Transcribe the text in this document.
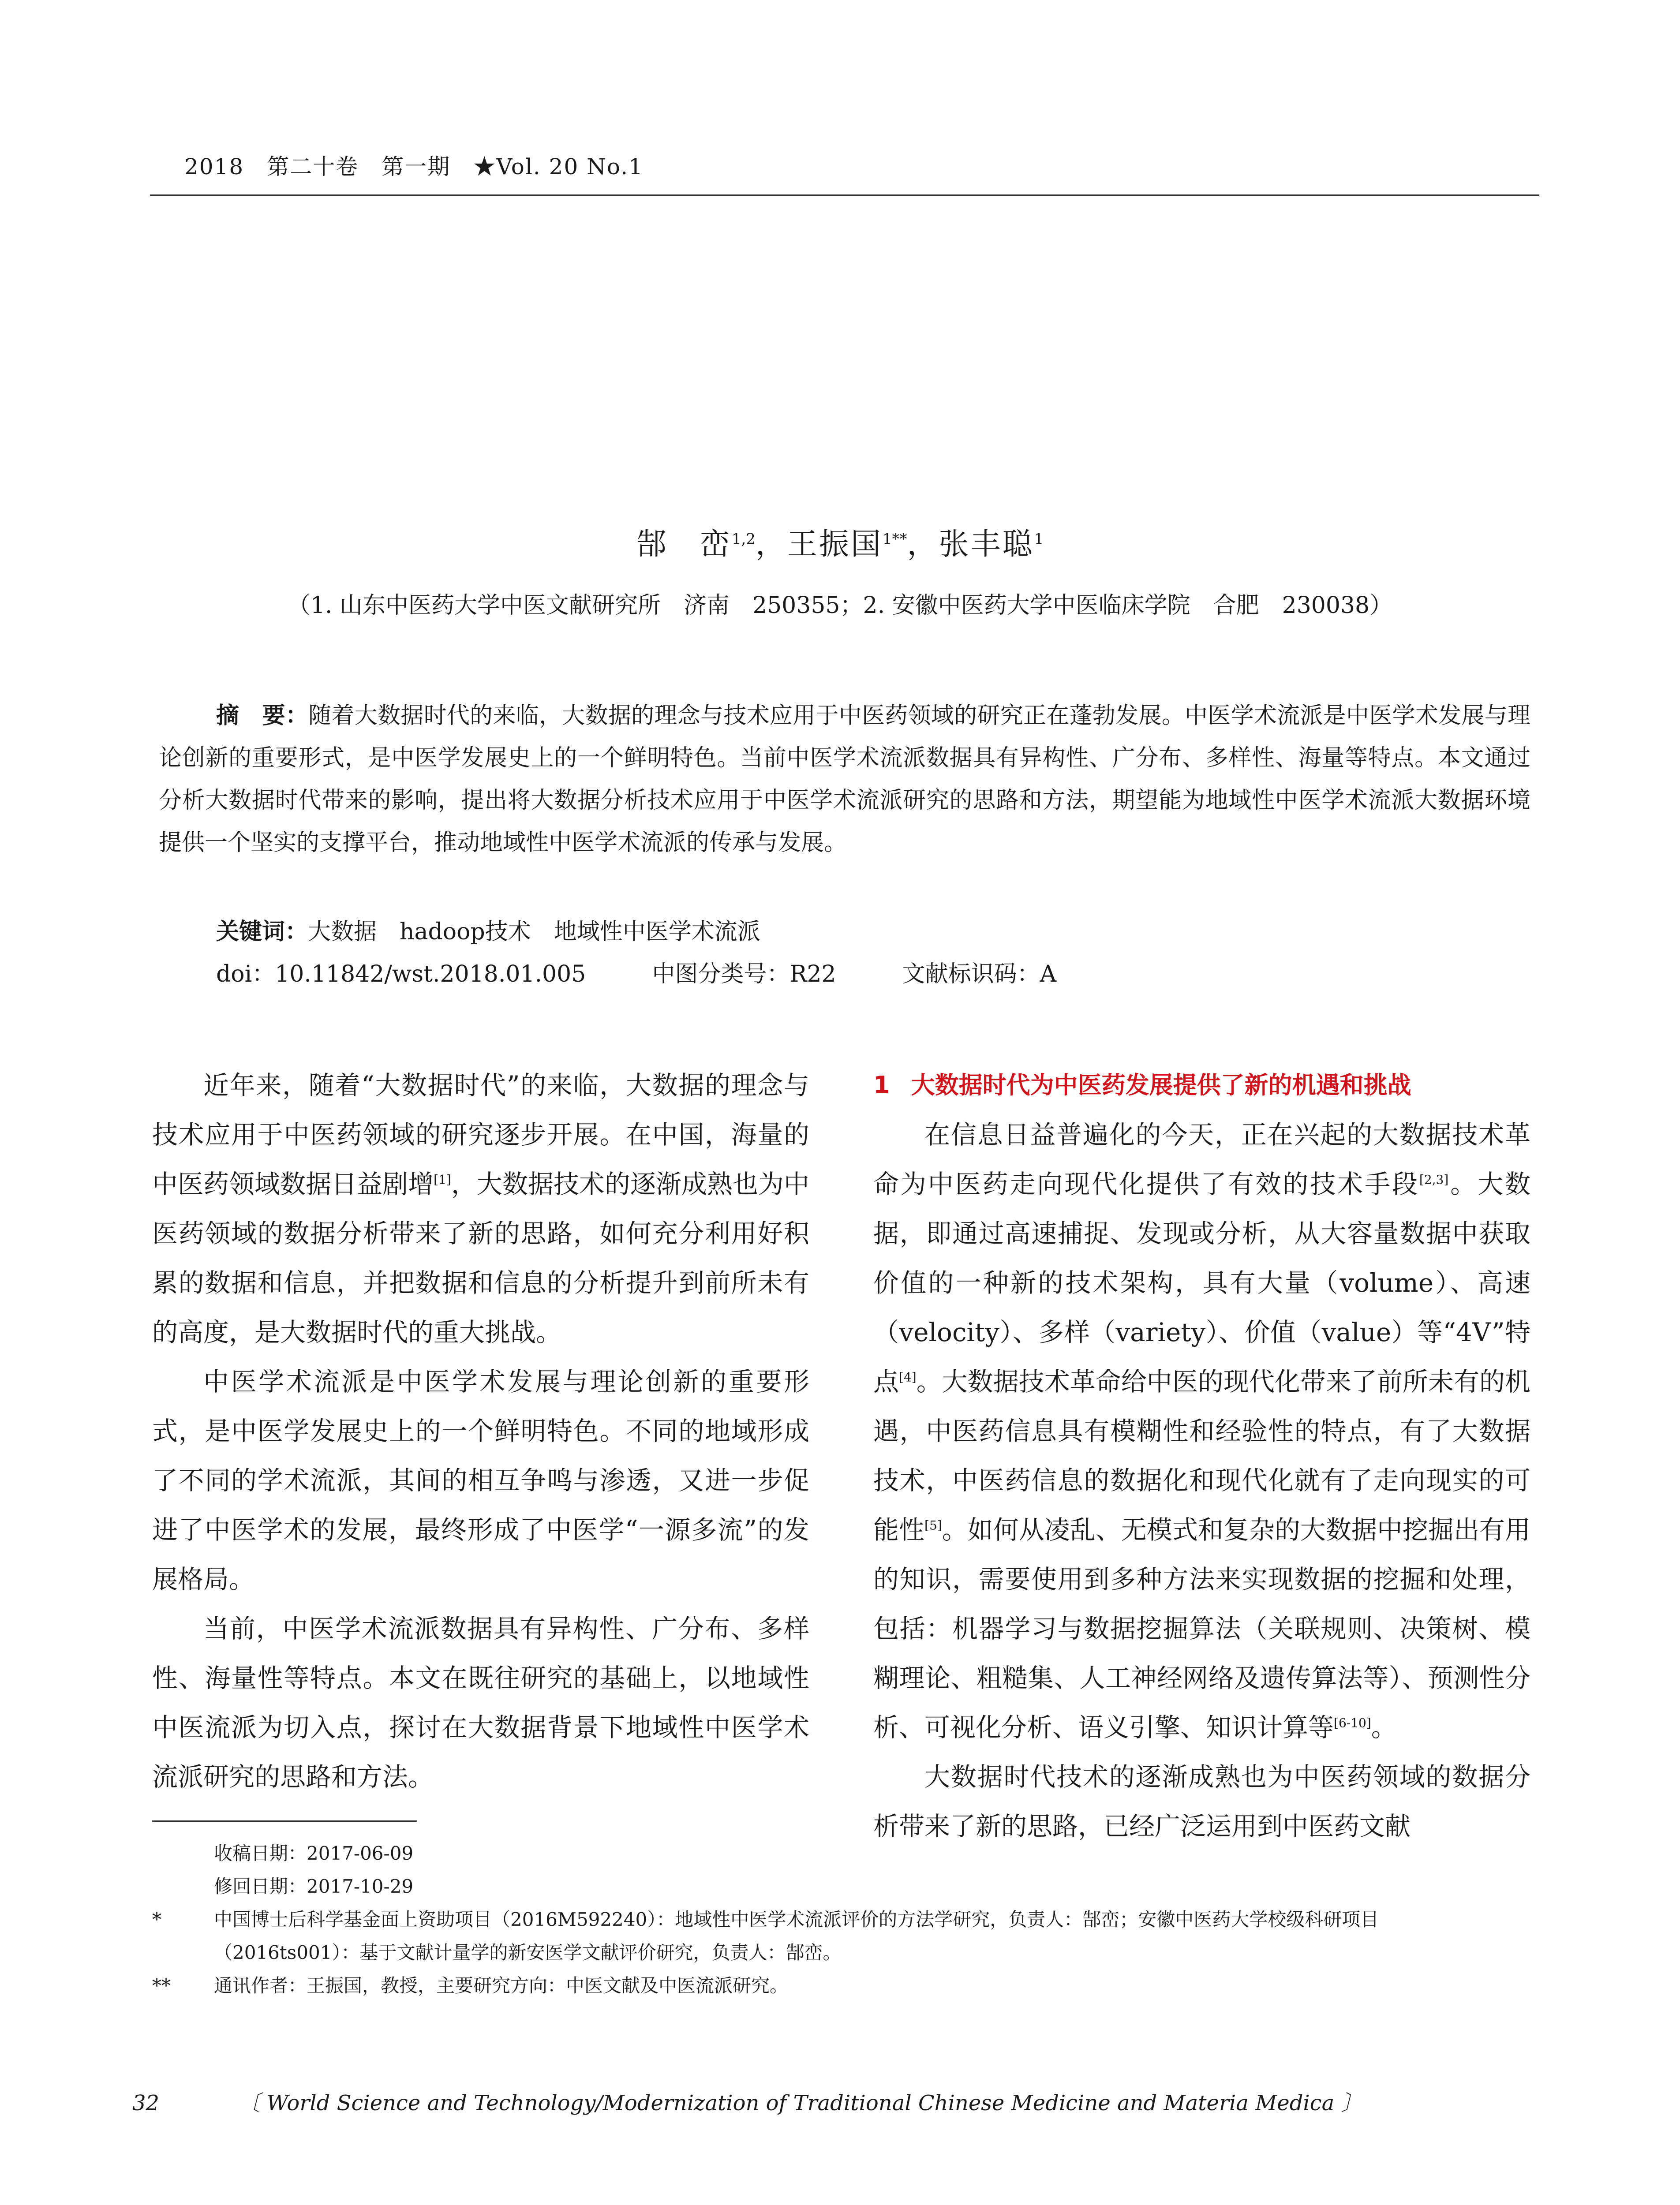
2018　第二十卷　第一期　★Vol. 20 No.1
郜　峦$^{1,2}$，王振国$^{1**}$，张丰聪$^1$
（1. 山东中医药大学中医文献研究所　济南　250355；2. 安徽中医药大学中医临床学院　合肥　230038）
摘　要：随着大数据时代的来临，大数据的理念与技术应用于中医药领域的研究正在蓬勃发展。中医学术流派是中医学术发展与理论创新的重要形式，是中医学发展史上的一个鲜明特色。当前中医学术流派数据具有异构性、广分布、多样性、海量等特点。本文通过分析大数据时代带来的影响，提出将大数据分析技术应用于中医学术流派研究的思路和方法，期望能为地域性中医学术流派大数据环境提供一个坚实的支撑平台，推动地域性中医学术流派的传承与发展。
关键词：大数据　hadoop技术　地域性中医学术流派
doi：10.11842/wst.2018.01.005	中图分类号：R22	文献标识码：A

近年来，随着“大数据时代”的来临，大数据的理念与技术应用于中医药领域的研究逐步开展。在中国，海量的中医药领域数据日益剧增[1]，大数据技术的逐渐成熟也为中医药领域的数据分析带来了新的思路，如何充分利用好积累的数据和信息，并把数据和信息的分析提升到前所未有的高度，是大数据时代的重大挑战。

中医学术流派是中医学术发展与理论创新的重要形式，是中医学发展史上的一个鲜明特色。不同的地域形成了不同的学术流派，其间的相互争鸣与渗透，又进一步促进了中医学术的发展，最终形成了中医学“一源多流”的发展格局。

当前，中医学术流派数据具有异构性、广分布、多样性、海量性等特点。本文在既往研究的基础上，以地域性中医流派为切入点，探讨在大数据背景下地域性中医学术流派研究的思路和方法。

1 大数据时代为中医药发展提供了新的机遇和挑战

在信息日益普遍化的今天，正在兴起的大数据技术革命为中医药走向现代化提供了有效的技术手段[2,3]。大数据，即通过高速捕捉、发现或分析，从大容量数据中获取价值的一种新的技术架构，具有大量（volume）、高速（velocity）、多样（variety）、价值（value）等“4V”特点[4]。大数据技术革命给中医的现代化带来了前所未有的机遇，中医药信息具有模糊性和经验性的特点，有了大数据技术，中医药信息的数据化和现代化就有了走向现实的可能性[5]。如何从凌乱、无模式和复杂的大数据中挖掘出有用的知识，需要使用到多种方法来实现数据的挖掘和处理，包括：机器学习与数据挖掘算法（关联规则、决策树、模糊理论、粗糙集、人工神经网络及遗传算法等）、预测性分析、可视化分析、语义引擎、知识计算等[6-10]。

大数据时代技术的逐渐成熟也为中医药领域的数据分析带来了新的思路，已经广泛运用到中医药文献

收稿日期：2017-06-09
修回日期：2017-10-29
*	中国博士后科学基金面上资助项目（2016M592240）：地域性中医学术流派评价的方法学研究，负责人：郜峦；安徽中医药大学校级科研项目
（2016ts001）：基于文献计量学的新安医学文献评价研究，负责人：郜峦。
** 通讯作者：王振国，教授，主要研究方向：中医文献及中医流派研究。
32	〔 World Science and Technology/Modernization of Traditional Chinese Medicine and Materia Medica 〕
